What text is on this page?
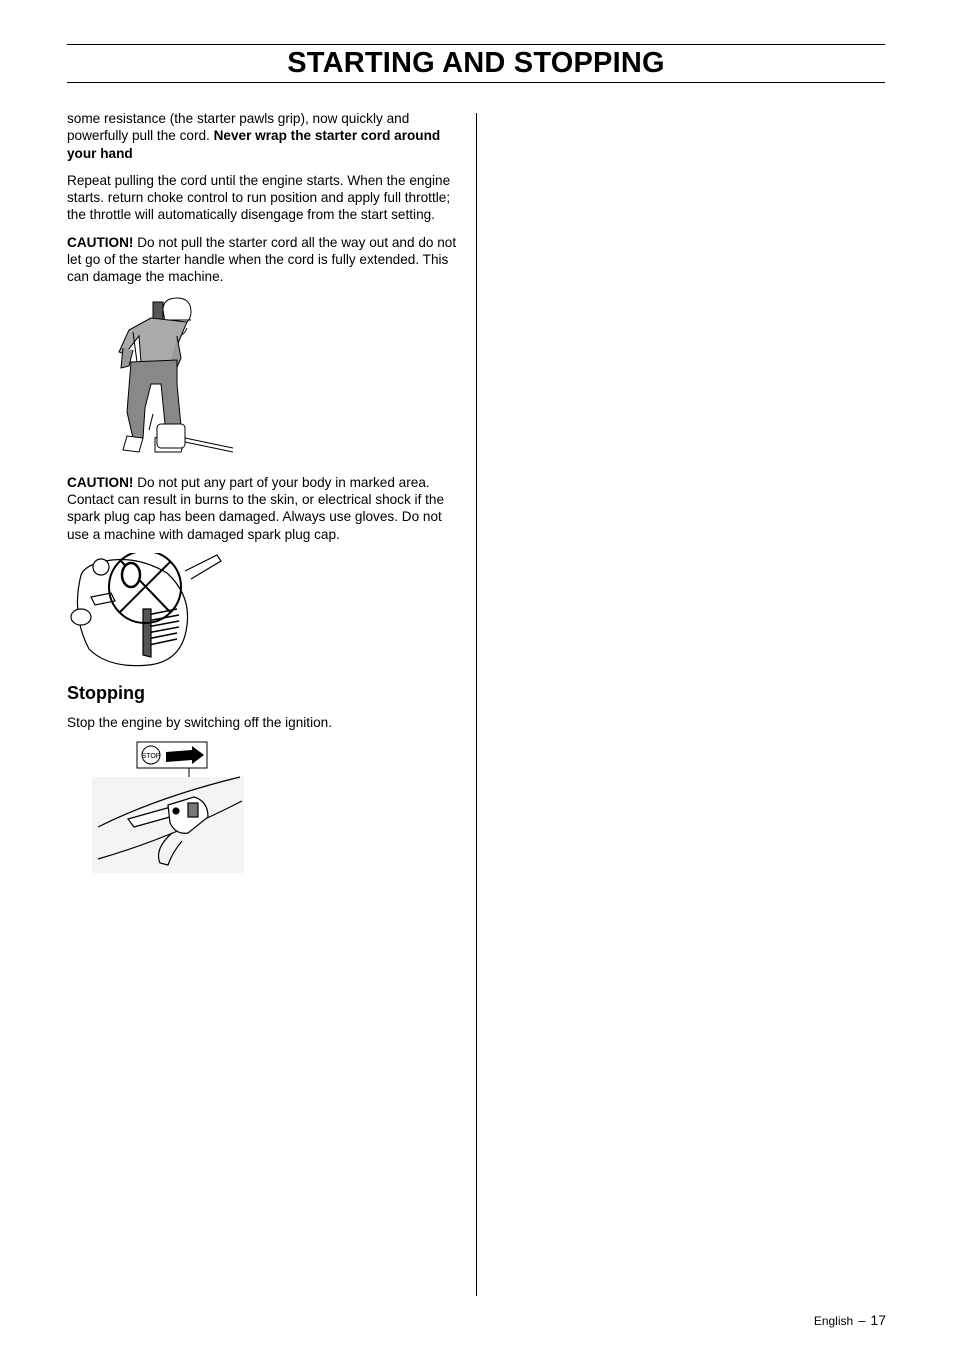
STARTING AND STOPPING

some resistance (the starter pawls grip), now quickly and powerfully pull the cord. Never wrap the starter cord around your hand

Repeat pulling the cord until the engine starts. When the engine starts. return choke control to run position and apply full throttle; the throttle will automatically disengage from the start setting.

CAUTION! Do not pull the starter cord all the way out and do not let go of the starter handle when the cord is fully extended. This can damage the machine.

CAUTION! Do not put any part of your body in marked area. Contact can result in burns to the skin, or electrical shock if the spark plug cap has been damaged. Always use gloves. Do not use a machine with damaged spark plug cap.

Stopping

Stop the engine by switching off the ignition.

STOP
English – 17
